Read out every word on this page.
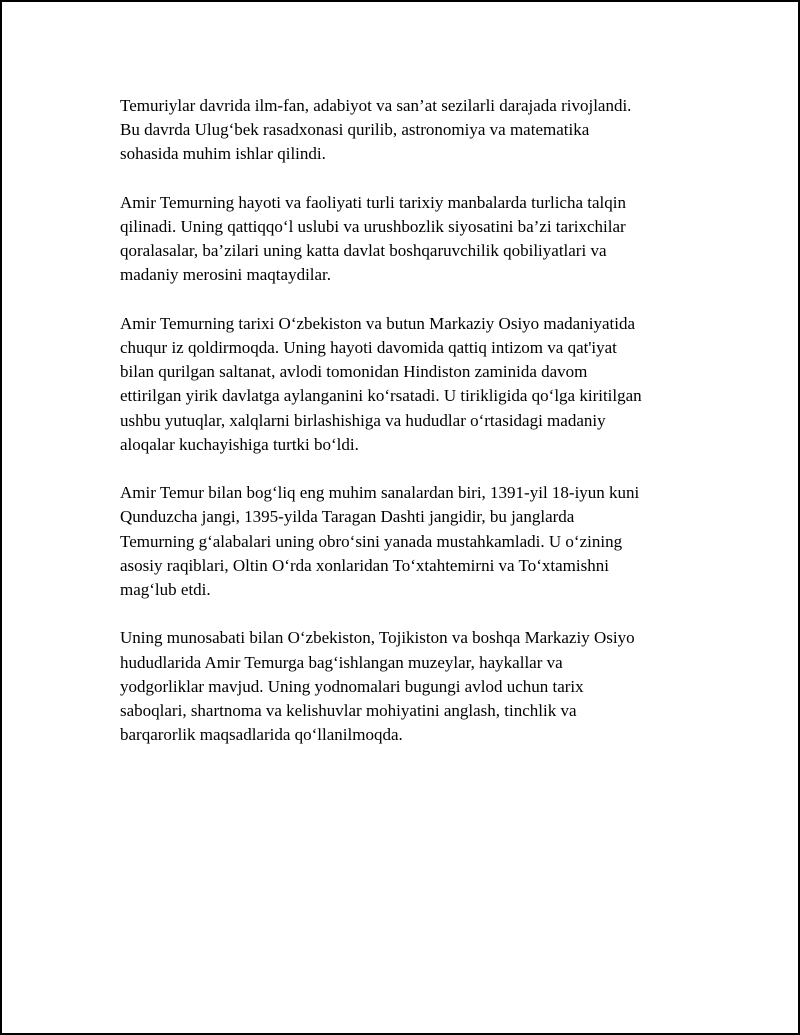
Temuriylar davrida ilm-fan, adabiyot va san’at sezilarli darajada rivojlandi.
Bu davrda Ulug‘bek rasadxonasi qurilib, astronomiya va matematika
sohasida muhim ishlar qilindi.

Amir Temurning hayoti va faoliyati turli tarixiy manbalarda turlicha talqin
qilinadi. Uning qattiqqo‘l uslubi va urushbozlik siyosatini ba’zi tarixchilar
qoralasalar, ba’zilari uning katta davlat boshqaruvchilik qobiliyatlari va
madaniy merosini maqtaydilar.

Amir Temurning tarixi O‘zbekiston va butun Markaziy Osiyo madaniyatida
chuqur iz qoldirmoqda. Uning hayoti davomida qattiq intizom va qat'iyat
bilan qurilgan saltanat, avlodi tomonidan Hindiston zaminida davom
ettirilgan yirik davlatga aylanganini ko‘rsatadi. U tirikligida qo‘lga kiritilgan
ushbu yutuqlar, xalqlarni birlashishiga va hududlar o‘rtasidagi madaniy
aloqalar kuchayishiga turtki bo‘ldi.

Amir Temur bilan bog‘liq eng muhim sanalardan biri, 1391-yil 18-iyun kuni
Qunduzcha jangi, 1395-yilda Taragan Dashti jangidir, bu janglarda
Temurning g‘alabalari uning obro‘sini yanada mustahkamladi. U o‘zining
asosiy raqiblari, Oltin O‘rda xonlaridan To‘xtahtemirni va To‘xtamishni
mag‘lub etdi.

Uning munosabati bilan O‘zbekiston, Tojikiston va boshqa Markaziy Osiyo
hududlarida Amir Temurga bag‘ishlangan muzeylar, haykallar va
yodgorliklar mavjud. Uning yodnomalari bugungi avlod uchun tarix
saboqlari, shartnoma va kelishuvlar mohiyatini anglash, tinchlik va
barqarorlik maqsadlarida qo‘llanilmoqda.
